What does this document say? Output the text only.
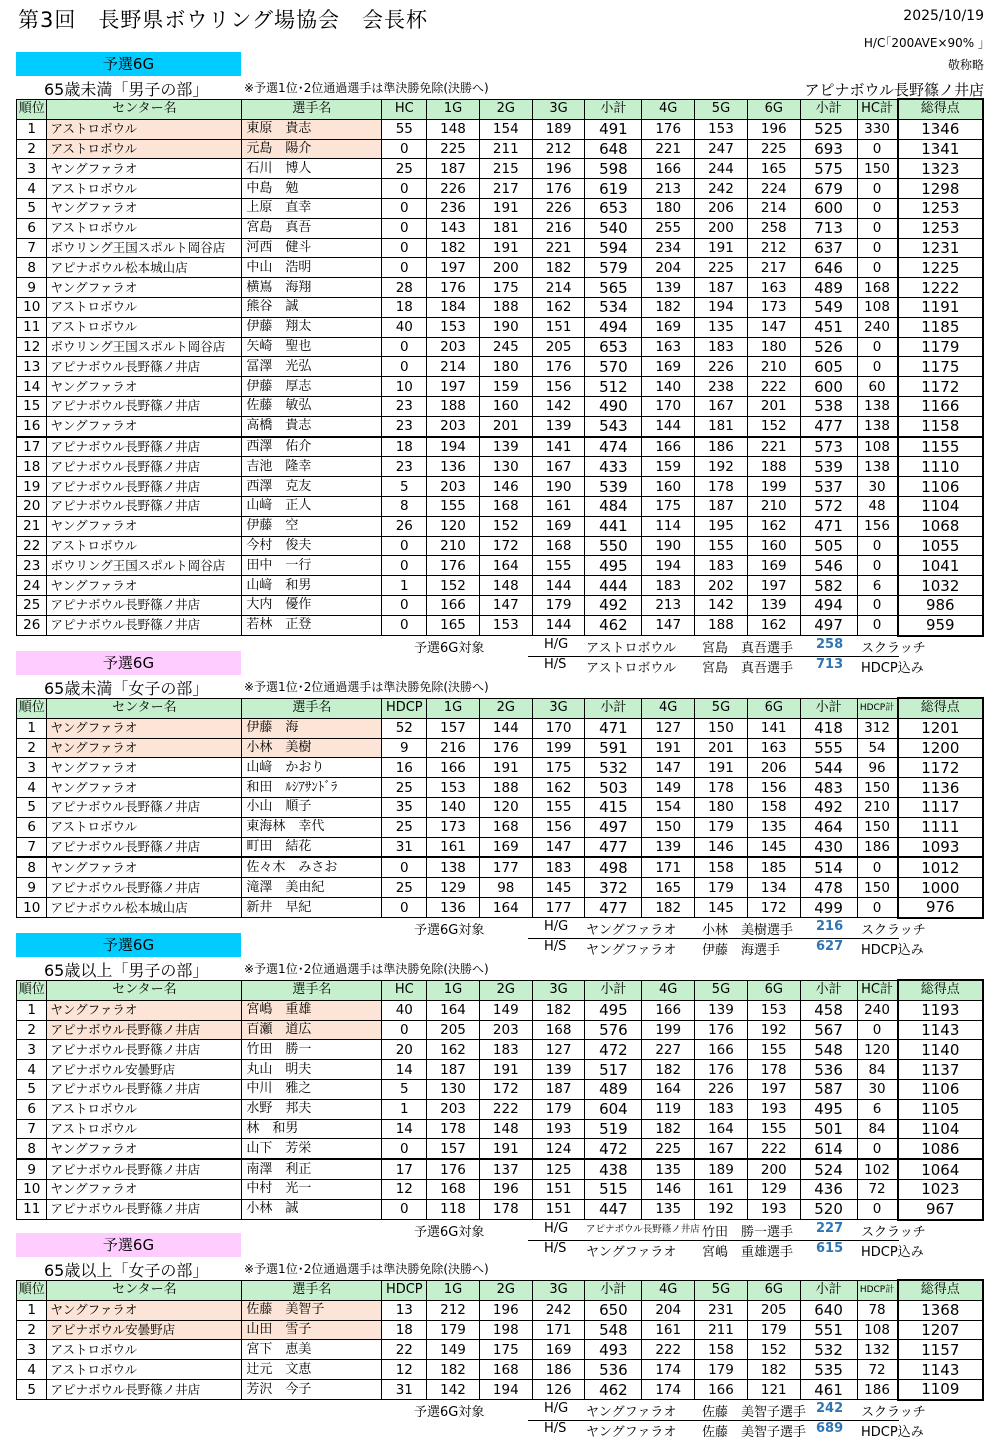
第3回　長野県ボウリング場協会　会長杯	2025/10/19
H/C｢200AVE×90% ｣
敬称略
アピナボウル長野篠ノ井店
予選6G
65歳未満「男子の部」	※予選1位･2位通過選手は準決勝免除(決勝へ)
順位	センター名	選手名	HC	1G	2G	3G	小計	4G	5G	6G	小計	HC計	総得点
1	アストロボウル	東原　貴志	55	148	154	189	491	176	153	196	525	330	1346
2	アストロボウル	元島　陽介	0	225	211	212	648	221	247	225	693	0	1341
3	ヤングファラオ	石川　博人	25	187	215	196	598	166	244	165	575	150	1323
4	アストロボウル	中島　勉	0	226	217	176	619	213	242	224	679	0	1298
5	ヤングファラオ	上原　直幸	0	236	191	226	653	180	206	214	600	0	1253
6	アストロボウル	宮島　真吾	0	143	181	216	540	255	200	258	713	0	1253
7	ボウリング王国スポルト岡谷店	河西　健斗	0	182	191	221	594	234	191	212	637	0	1231
8	アピナボウル松本城山店	中山　浩明	0	197	200	182	579	204	225	217	646	0	1225
9	ヤングファラオ	横嶌　海翔	28	176	175	214	565	139	187	163	489	168	1222
10	アストロボウル	熊谷　誠	18	184	188	162	534	182	194	173	549	108	1191
11	アストロボウル	伊藤　翔太	40	153	190	151	494	169	135	147	451	240	1185
12	ボウリング王国スポルト岡谷店	矢崎　聖也	0	203	245	205	653	163	183	180	526	0	1179
13	アピナボウル長野篠ノ井店	冨澤　光弘	0	214	180	176	570	169	226	210	605	0	1175
14	ヤングファラオ	伊藤　厚志	10	197	159	156	512	140	238	222	600	60	1172
15	アピナボウル長野篠ノ井店	佐藤　敏弘	23	188	160	142	490	170	167	201	538	138	1166
16	ヤングファラオ	高橋　貴志	23	203	201	139	543	144	181	152	477	138	1158
17	アピナボウル長野篠ノ井店	西澤　佑介	18	194	139	141	474	166	186	221	573	108	1155
18	アピナボウル長野篠ノ井店	吉池　隆幸	23	136	130	167	433	159	192	188	539	138	1110
19	アピナボウル長野篠ノ井店	西澤　克友	5	203	146	190	539	160	178	199	537	30	1106
20	アピナボウル長野篠ノ井店	山﨑　正人	8	155	168	161	484	175	187	210	572	48	1104
21	ヤングファラオ	伊藤　空	26	120	152	169	441	114	195	162	471	156	1068
22	アストロボウル	今村　俊夫	0	210	172	168	550	190	155	160	505	0	1055
23	ボウリング王国スポルト岡谷店	田中　一行	0	176	164	155	495	194	183	169	546	0	1041
24	ヤングファラオ	山﨑　和男	1	152	148	144	444	183	202	197	582	6	1032
25	アピナボウル長野篠ノ井店	大内　優作	0	166	147	179	492	213	142	139	494	0	986
26	アピナボウル長野篠ノ井店	若林　正登	0	165	153	144	462	147	188	162	497	0	959
予選6G対象	H/G アストロボウル 宮島　真吾選手 258 スクラッチ
H/S アストロボウル 宮島　真吾選手 713 HDCP込み
予選6G
65歳未満「女子の部」	※予選1位･2位通過選手は準決勝免除(決勝へ)
順位	センター名	選手名	HDCP	1G	2G	3G	小計	4G	5G	6G	小計	HDCP計	総得点
1	ヤングファラオ	伊藤　海	52	157	144	170	471	127	150	141	418	312	1201
2	ヤングファラオ	小林　美樹	9	216	176	199	591	191	201	163	555	54	1200
3	ヤングファラオ	山﨑　かおり	16	166	191	175	532	147	191	206	544	96	1172
4	ヤングファラオ	和田　ﾙｼｱｻﾝﾄﾞﾗ	25	153	188	162	503	149	178	156	483	150	1136
5	アピナボウル長野篠ノ井店	小山　順子	35	140	120	155	415	154	180	158	492	210	1117
6	アストロボウル	東海林　幸代	25	173	168	156	497	150	179	135	464	150	1111
7	アピナボウル長野篠ノ井店	町田　結花	31	161	169	147	477	139	146	145	430	186	1093
8	ヤングファラオ	佐々木　みさお	0	138	177	183	498	171	158	185	514	0	1012
9	アピナボウル長野篠ノ井店	滝澤　美由紀	25	129	98	145	372	165	179	134	478	150	1000
10	アピナボウル松本城山店	新井　早紀	0	136	164	177	477	182	145	172	499	0	976
予選6G対象	H/G ヤングファラオ 小林　美樹選手 216 スクラッチ
H/S ヤングファラオ 伊藤　海選手	627 HDCP込み
予選6G
65歳以上「男子の部」	※予選1位･2位通過選手は準決勝免除(決勝へ)
順位	センター名	選手名	HC	1G	2G	3G	小計	4G	5G	6G	小計	HC計	総得点
1	ヤングファラオ	宮嶋　重雄	40	164	149	182	495	166	139	153	458	240	1193
2	アピナボウル長野篠ノ井店	百瀬　道広	0	205	203	168	576	199	176	192	567	0	1143
3	アピナボウル長野篠ノ井店	竹田　勝一	20	162	183	127	472	227	166	155	548	120	1140
4	アピナボウル安曇野店	丸山　明夫	14	187	191	139	517	182	176	178	536	84	1137
5	アピナボウル長野篠ノ井店	中川　雅之	5	130	172	187	489	164	226	197	587	30	1106
6	アストロボウル	水野　邦夫	1	203	222	179	604	119	183	193	495	6	1105
7	アストロボウル	林　和男	14	178	148	193	519	182	164	155	501	84	1104
8	ヤングファラオ	山下　芳栄	0	157	191	124	472	225	167	222	614	0	1086
9	アピナボウル長野篠ノ井店	南澤　利正	17	176	137	125	438	135	189	200	524	102	1064
10	ヤングファラオ	中村　光一	12	168	196	151	515	146	161	129	436	72	1023
11	アピナボウル長野篠ノ井店	小林　誠	0	118	178	151	447	135	192	193	520	0	967
予選6G対象	H/G アピナボウル長野篠ノ井店 竹田　勝一選手 227 スクラッチ
H/S ヤングファラオ 宮嶋　重雄選手 615 HDCP込み
予選6G
65歳以上「女子の部」	※予選1位･2位通過選手は準決勝免除(決勝へ)
順位	センター名	選手名	HDCP	1G	2G	3G	小計	4G	5G	6G	小計	HDCP計	総得点
1	ヤングファラオ	佐藤　美智子	13	212	196	242	650	204	231	205	640	78	1368
2	アピナボウル安曇野店	山田　雪子	18	179	198	171	548	161	211	179	551	108	1207
3	アストロボウル	宮下　恵美	22	149	175	169	493	222	158	152	532	132	1157
4	アストロボウル	辻元　文恵	12	182	168	186	536	174	179	182	535	72	1143
5	アピナボウル長野篠ノ井店	芳沢　今子	31	142	194	126	462	174	166	121	461	186	1109
予選6G対象	H/G ヤングファラオ 佐藤　美智子選手 242 スクラッチ
H/S ヤングファラオ 佐藤　美智子選手 689 HDCP込み
